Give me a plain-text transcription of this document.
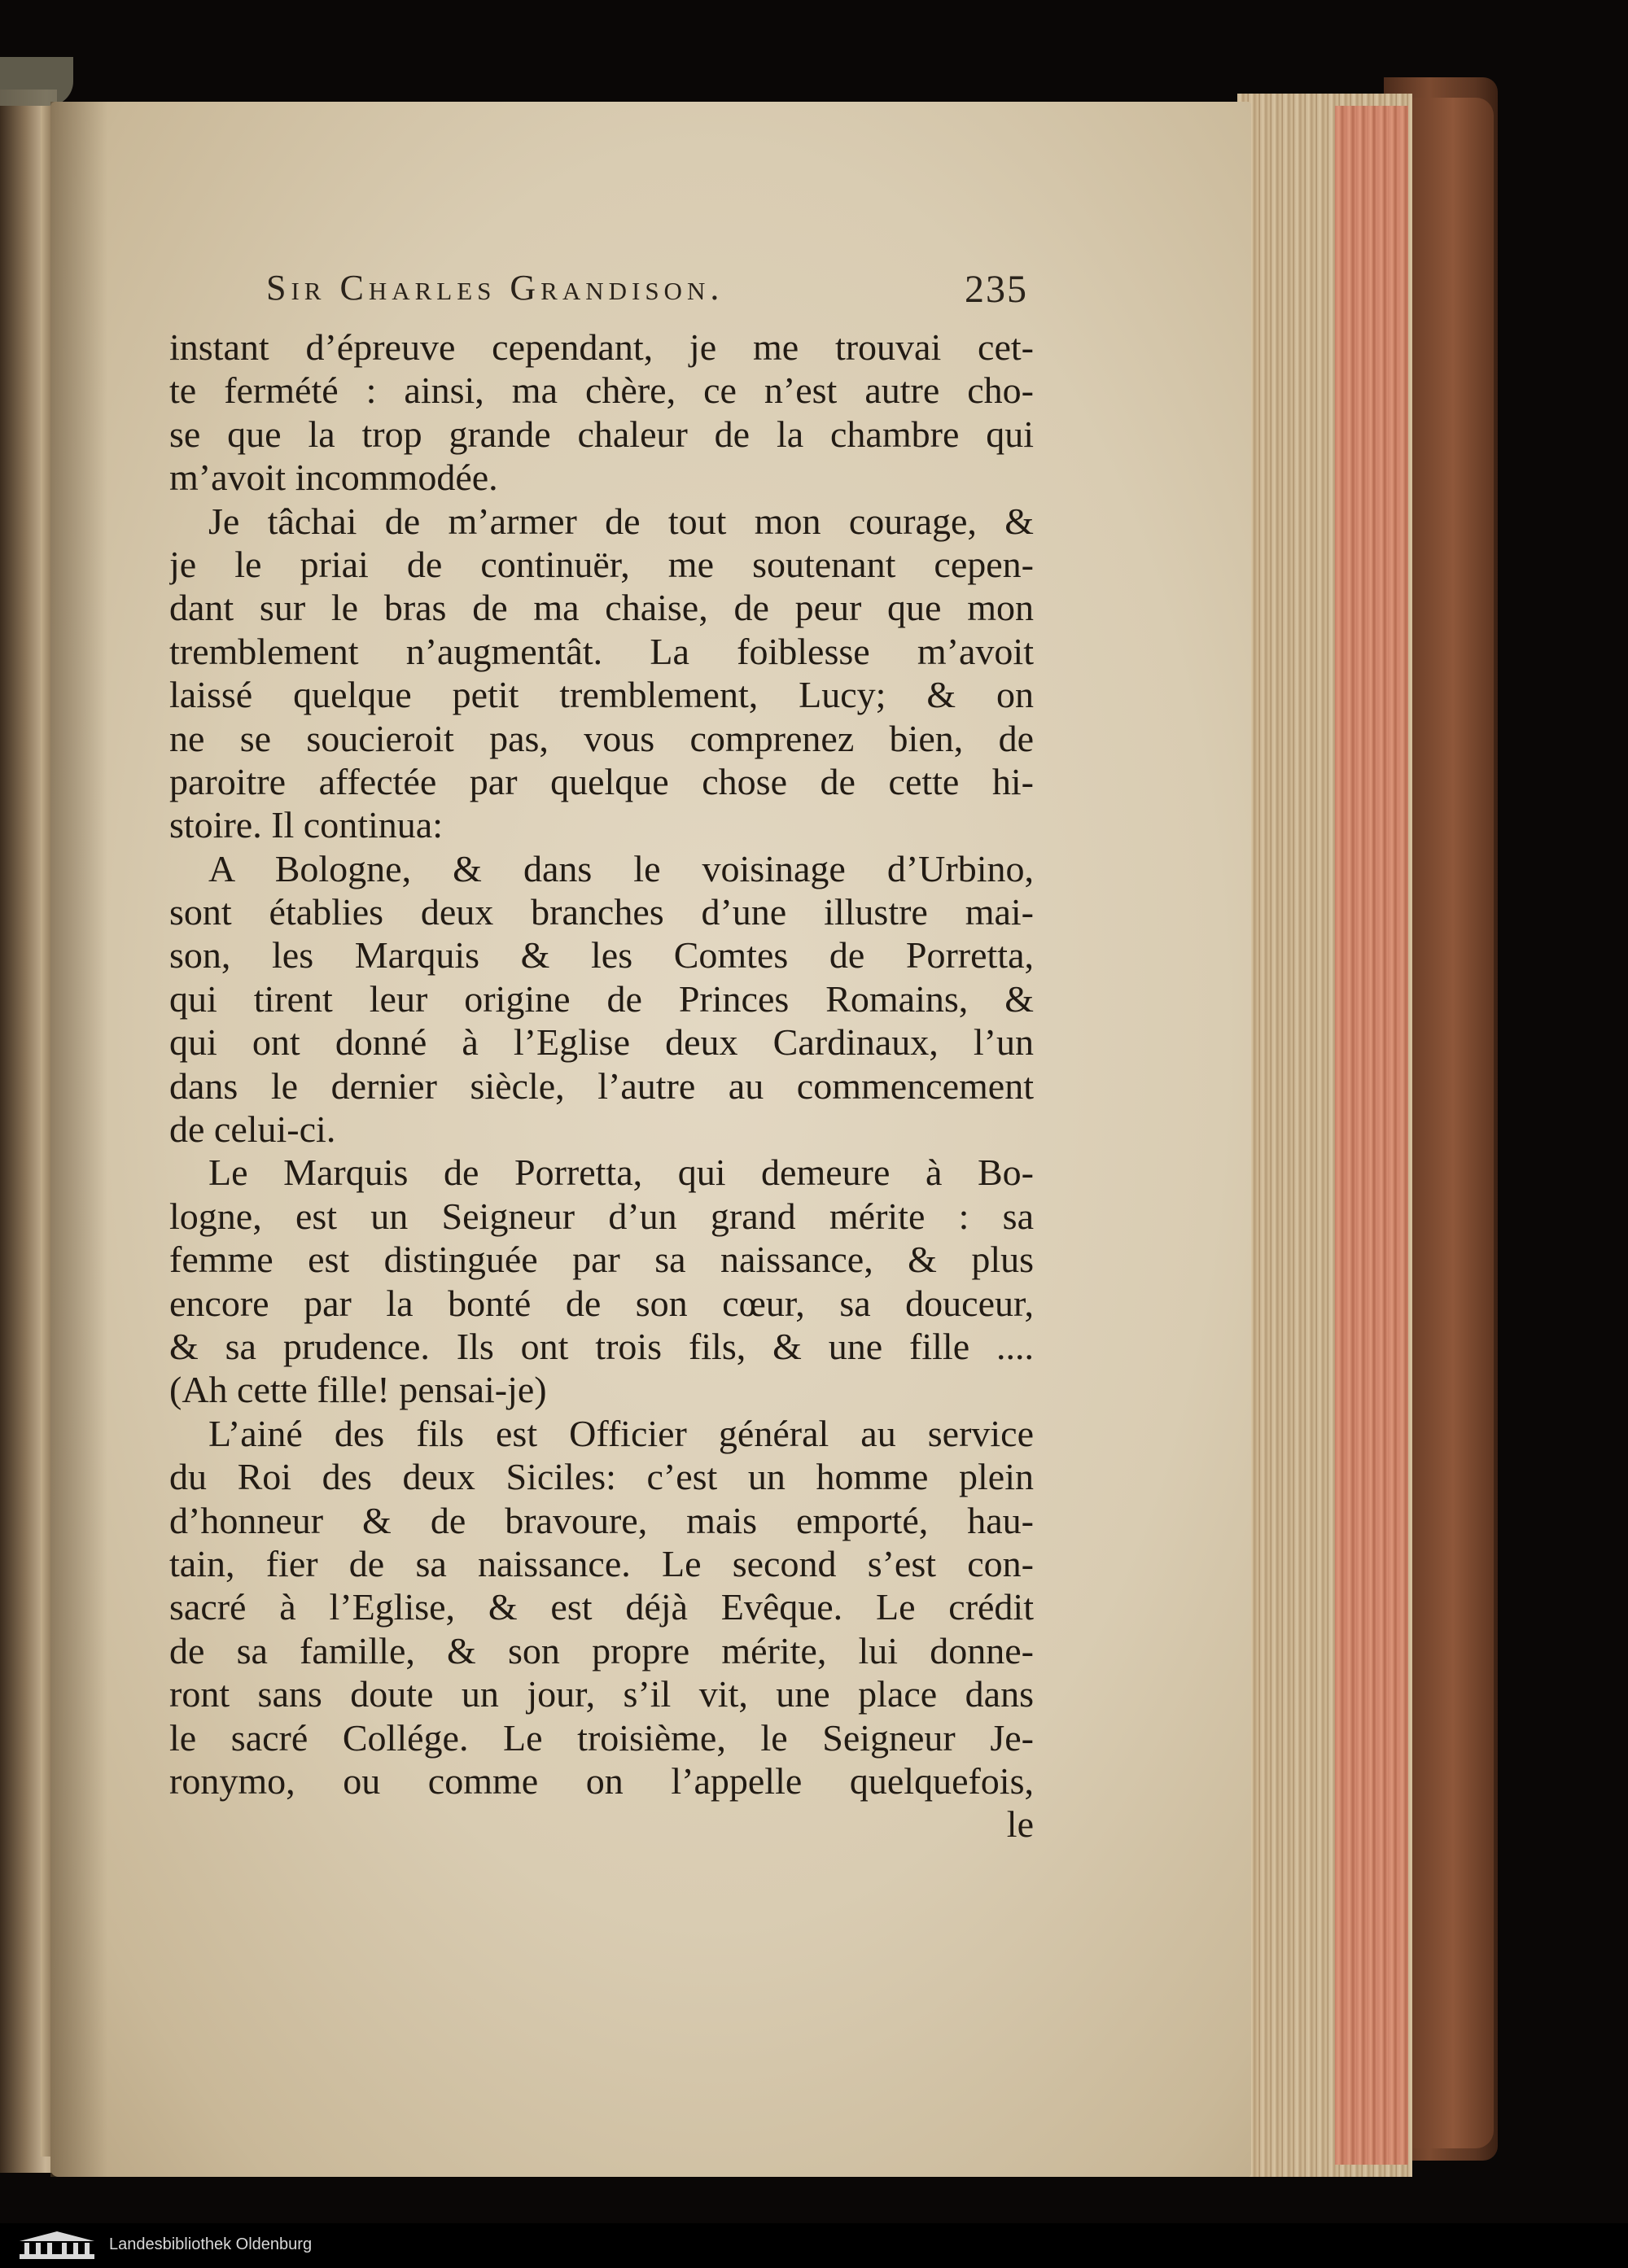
Sir Charles Grandison.	235
instant d’épreuve cependant, je me trouvai cet-
te fermété : ainsi, ma chère, ce n’est autre cho-
se que la trop grande chaleur de la chambre qui
m’avoit incommodée.
Je tâchai de m’armer de tout mon courage, &
je le priai de continuër, me soutenant cepen-
dant sur le bras de ma chaise, de peur que mon
tremblement n’augmentât. La foiblesse m’avoit
laissé quelque petit tremblement, Lucy; & on
ne se soucieroit pas, vous comprenez bien, de
paroitre affectée par quelque chose de cette hi-
stoire. Il continua:
A Bologne, & dans le voisinage d’Urbino,
sont établies deux branches d’une illustre mai-
son, les Marquis & les Comtes de Porretta,
qui tirent leur origine de Princes Romains, &
qui ont donné à l’Eglise deux Cardinaux, l’un
dans le dernier siècle, l’autre au commencement
de celui-ci.
Le Marquis de Porretta, qui demeure à Bo-
logne, est un Seigneur d’un grand mérite : sa
femme est distinguée par sa naissance, & plus
encore par la bonté de son cœur, sa douceur,
& sa prudence. Ils ont trois fils, & une fille ....
(Ah cette fille! pensai-je)
L’ainé des fils est Officier général au service
du Roi des deux Siciles: c’est un homme plein
d’honneur & de bravoure, mais emporté, hau-
tain, fier de sa naissance. Le second s’est con-
sacré à l’Eglise, & est déjà Evêque. Le crédit
de sa famille, & son propre mérite, lui donne-
ront sans doute un jour, s’il vit, une place dans
le sacré Collége. Le troisième, le Seigneur Je-
ronymo, ou comme on l’appelle quelquefois,
le
Landesbibliothek Oldenburg
